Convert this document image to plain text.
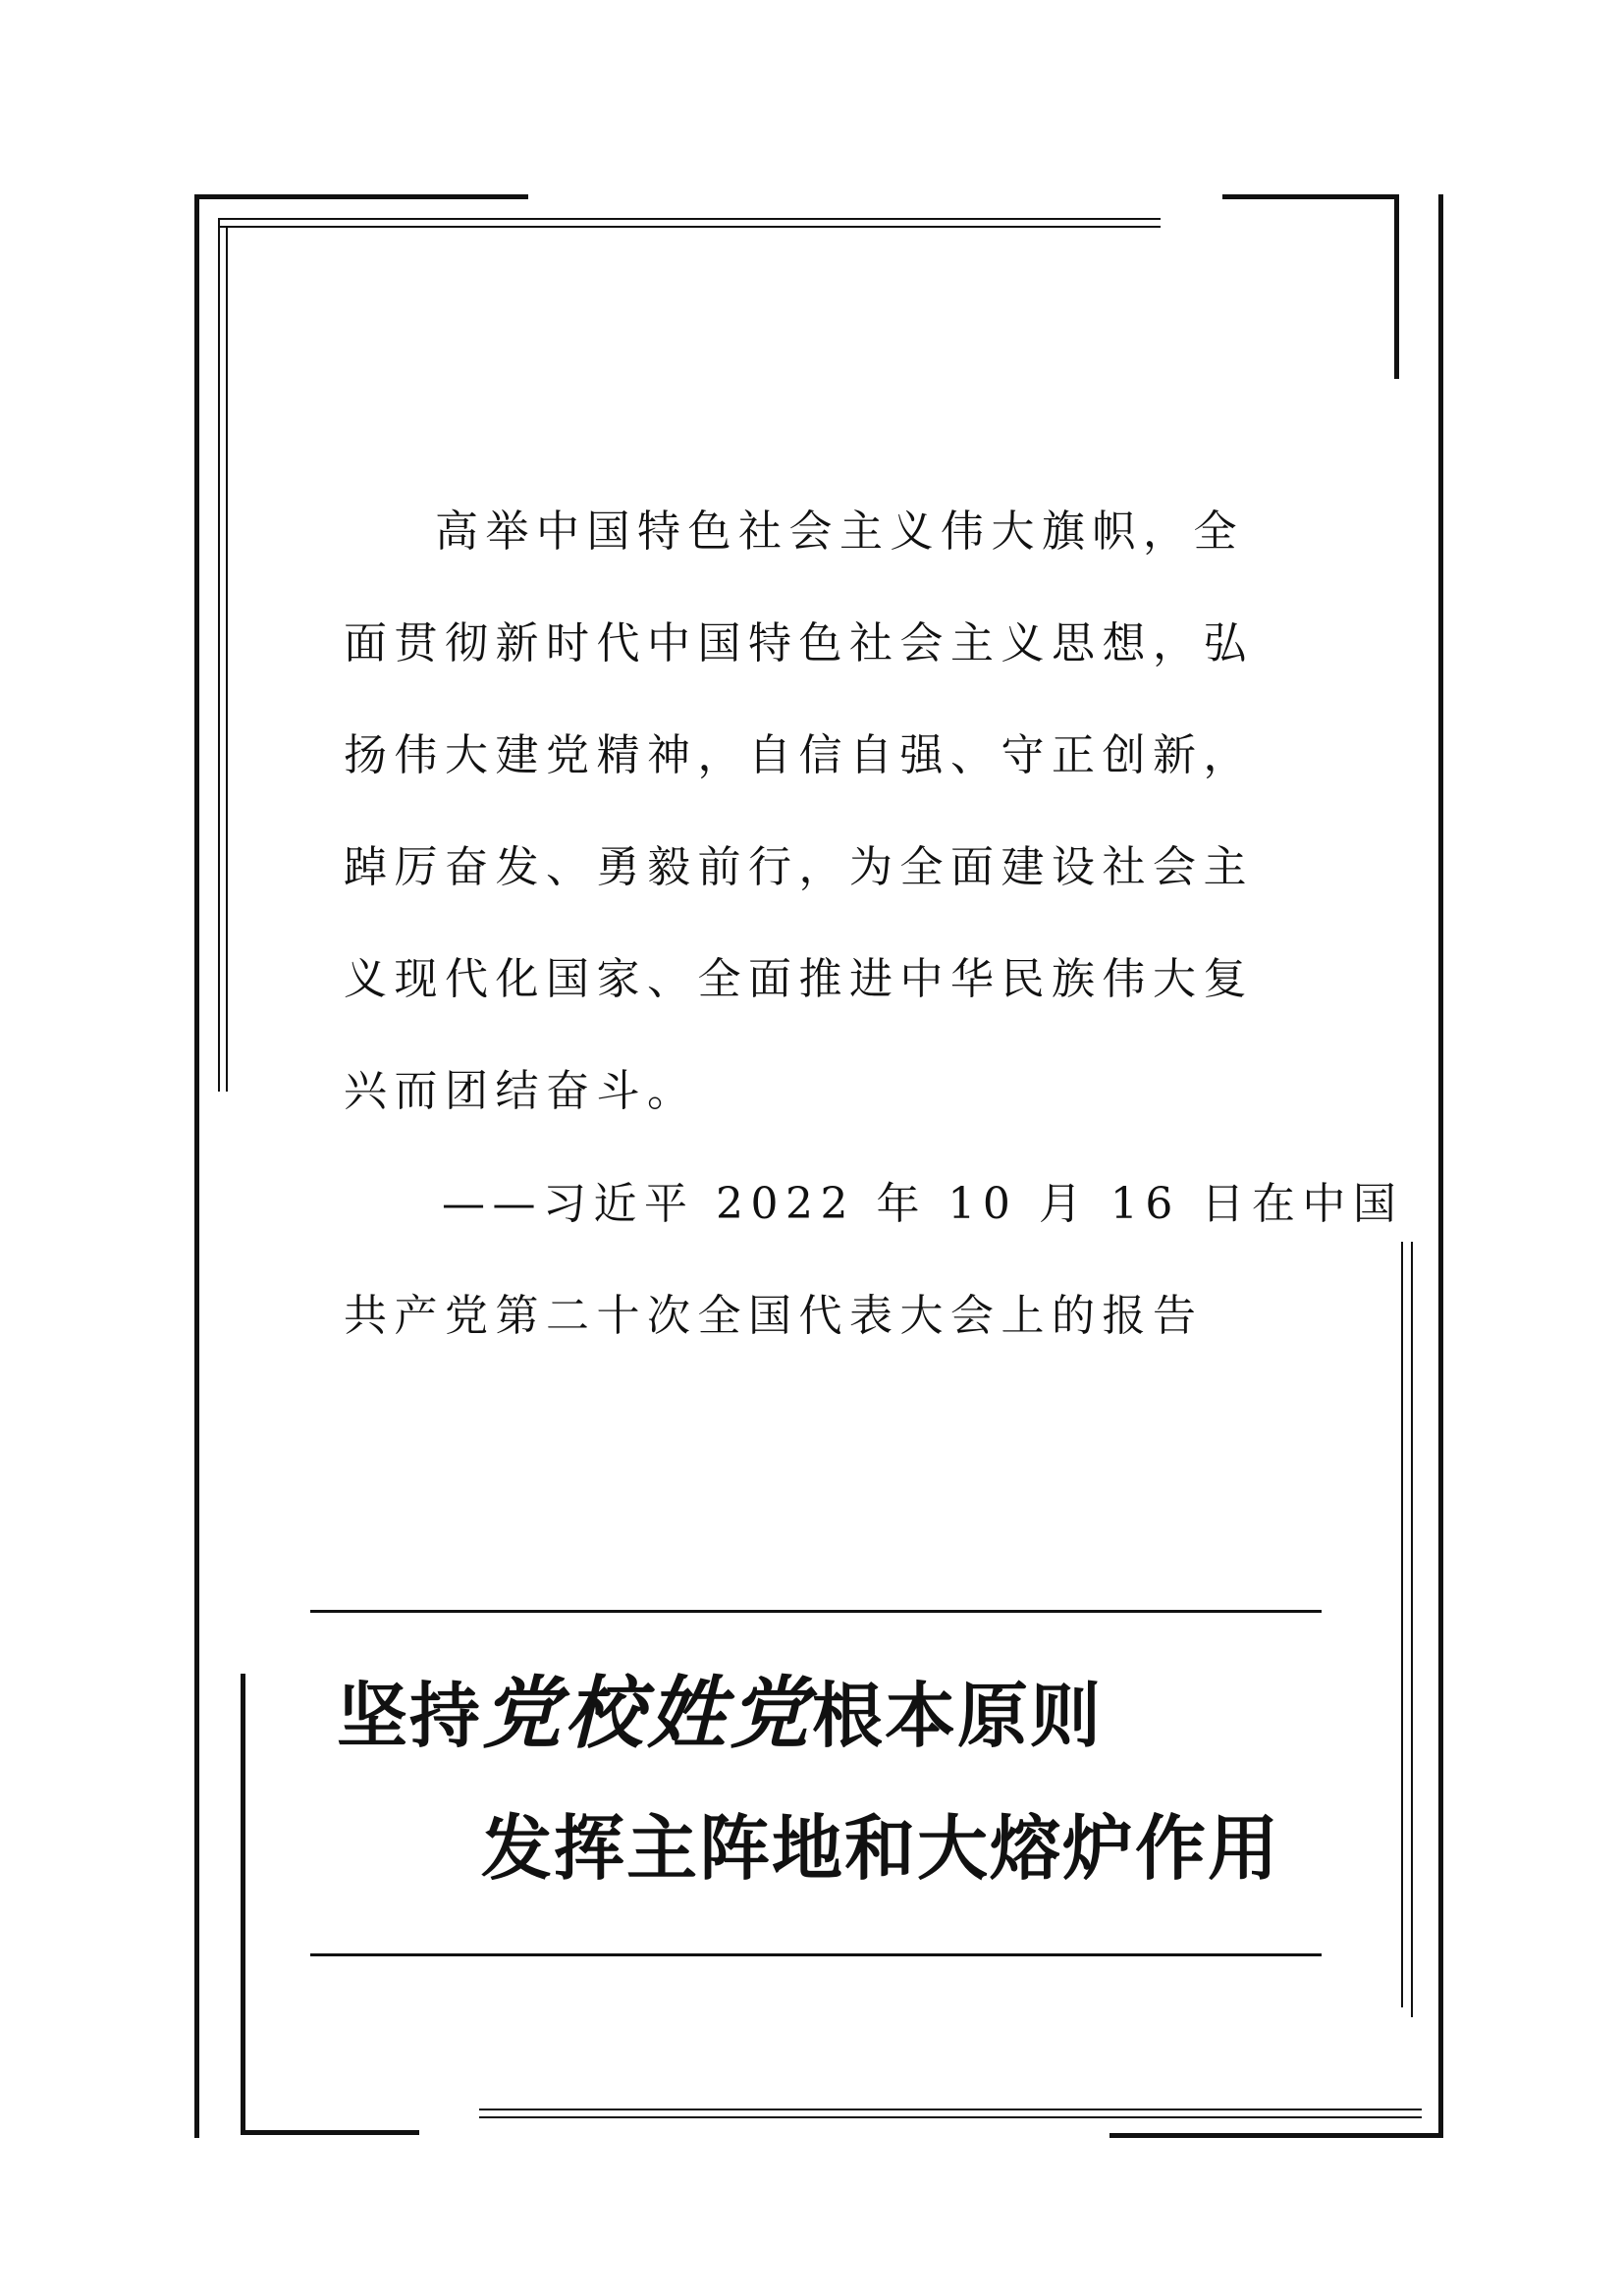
高举中国特色社会主义伟大旗帜，全

面贯彻新时代中国特色社会主义思想，弘

扬伟大建党精神，自信自强、守正创新，

踔厉奋发、勇毅前行，为全面建设社会主

义现代化国家、全面推进中华民族伟大复

兴而团结奋斗。

——习近平 2022 年 10 月 16 日在中国

共产党第二十次全国代表大会上的报告

坚持党校姓党根本原则
发挥主阵地和大熔炉作用
